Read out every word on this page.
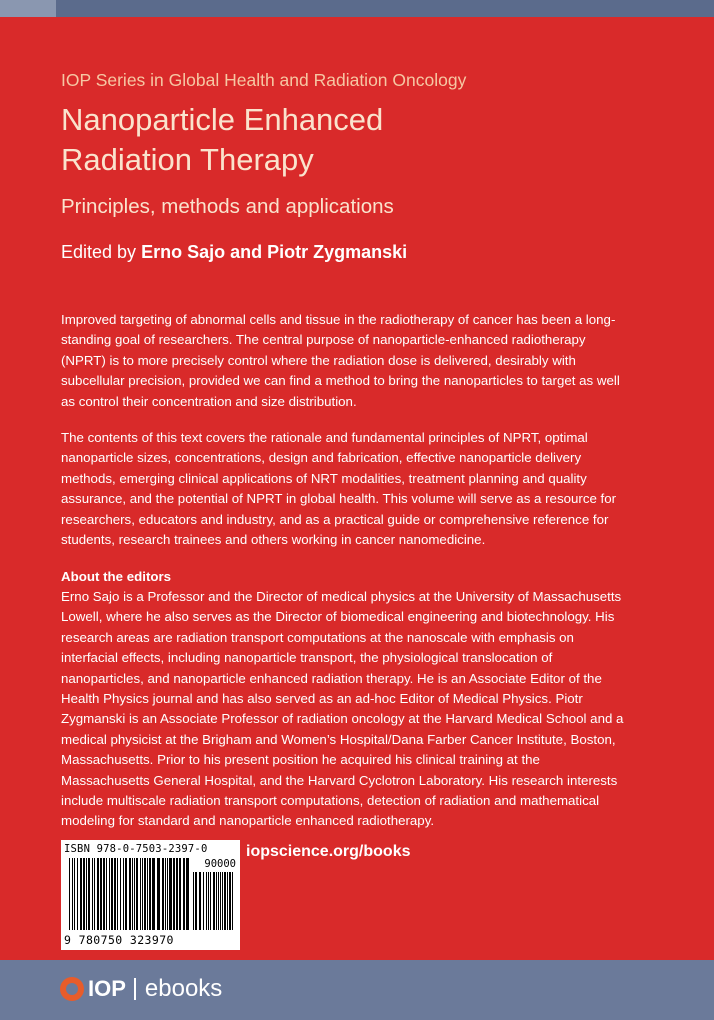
IOP Series in Global Health and Radiation Oncology
Nanoparticle Enhanced
Radiation Therapy
Principles, methods and applications
Edited by Erno Sajo and Piotr Zygmanski

Improved targeting of abnormal cells and tissue in the radiotherapy of cancer has been a long-standing goal of researchers. The central purpose of nanoparticle-enhanced radiotherapy (NPRT) is to more precisely control where the radiation dose is delivered, desirably with subcellular precision, provided we can find a method to bring the nanoparticles to target as well as control their concentration and size distribution.

The contents of this text covers the rationale and fundamental principles of NPRT, optimal nanoparticle sizes, concentrations, design and fabrication, effective nanoparticle delivery methods, emerging clinical applications of NRT modalities, treatment planning and quality assurance, and the potential of NPRT in global health. This volume will serve as a resource for researchers, educators and industry, and as a practical guide or comprehensive reference for students, research trainees and others working in cancer nanomedicine.

About the editors

Erno Sajo is a Professor and the Director of medical physics at the University of Massachusetts Lowell, where he also serves as the Director of biomedical engineering and biotechnology. His research areas are radiation transport computations at the nanoscale with emphasis on interfacial effects, including nanoparticle transport, the physiological translocation of nanoparticles, and nanoparticle enhanced radiation therapy. He is an Associate Editor of the Health Physics journal and has also served as an ad-hoc Editor of Medical Physics. Piotr Zygmanski is an Associate Professor of radiation oncology at the Harvard Medical School and a medical physicist at the Brigham and Women’s Hospital/Dana Farber Cancer Institute, Boston, Massachusetts. Prior to his present position he acquired his clinical training at the Massachusetts General Hospital, and the Harvard Cyclotron Laboratory. His research interests include multiscale radiation transport computations, detection of radiation and mathematical modeling for standard and nanoparticle enhanced radiotherapy.

ISBN 978-0-7503-2397-0
90000
9 780750 323970
iopscience.org/books
IOP ebooks
